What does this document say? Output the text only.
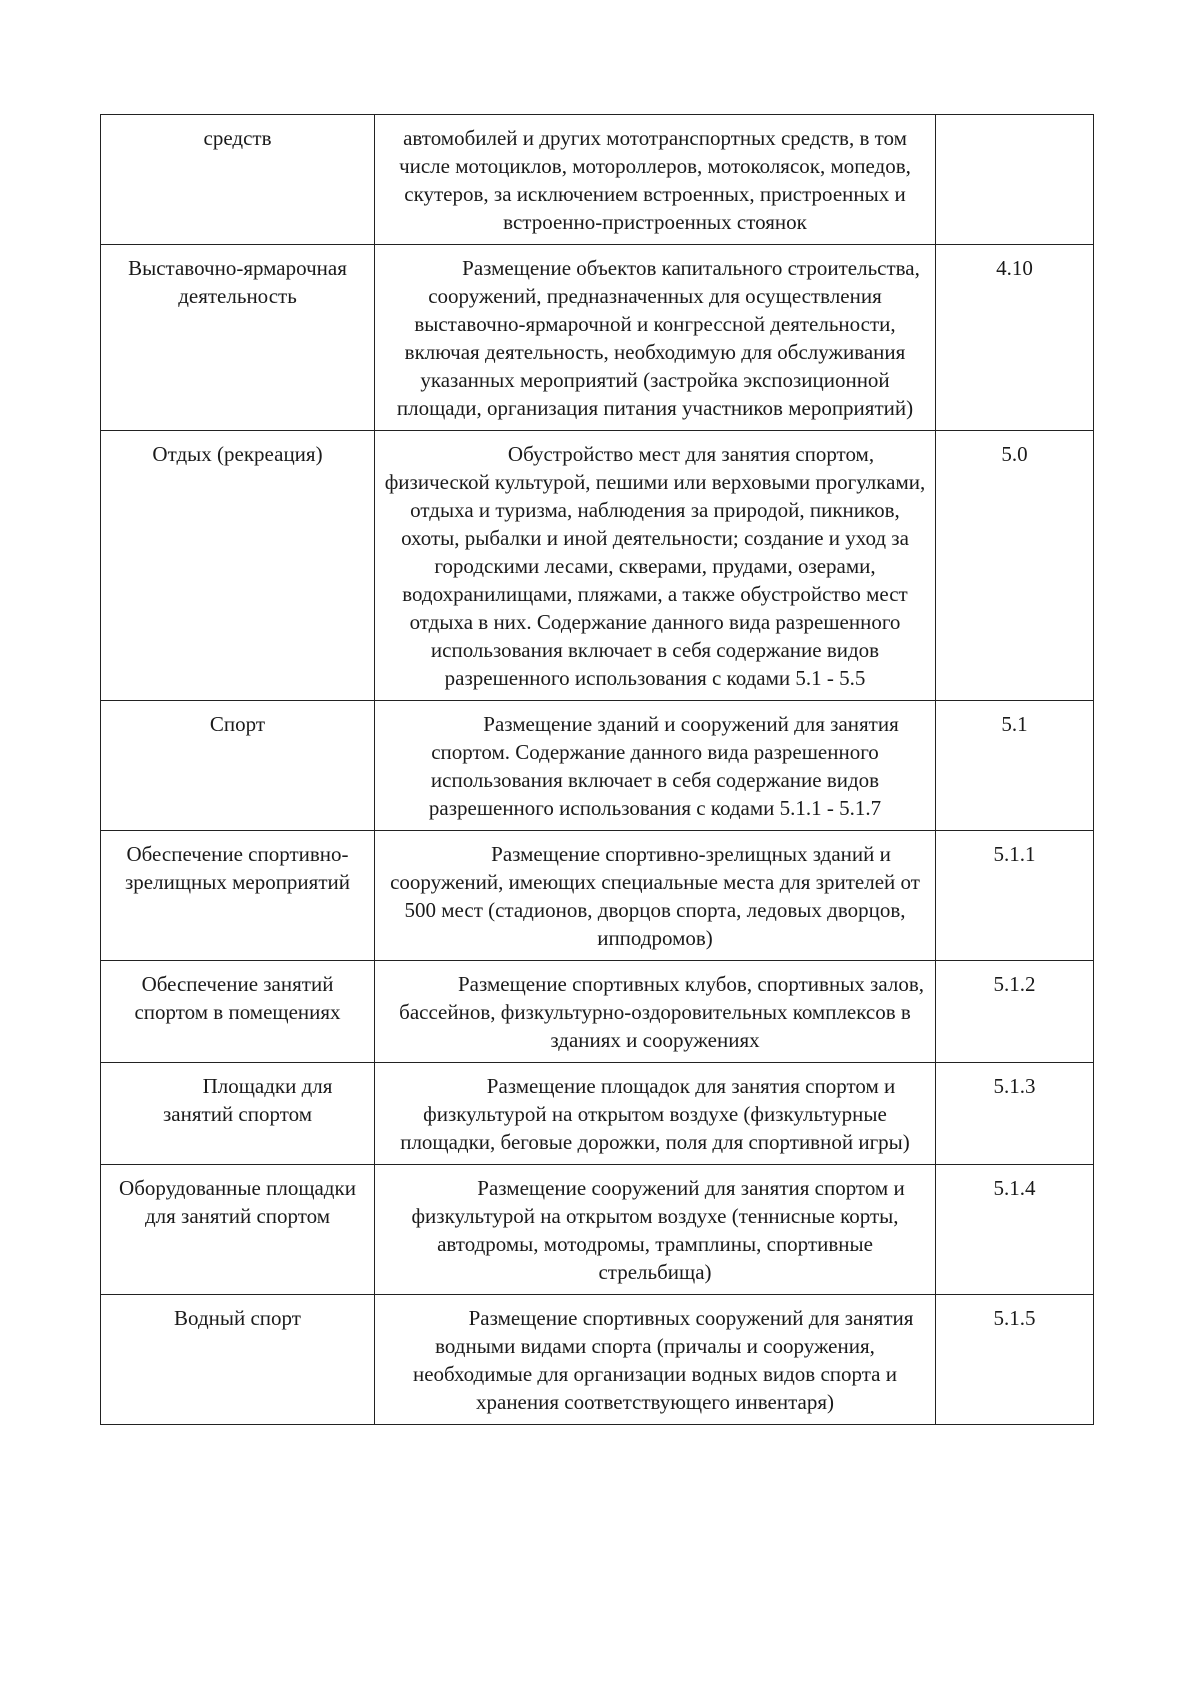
средств	автомобилей и других мототранспортных средств, в том числе мотоциклов, мотороллеров, мотоколясок, мопедов, скутеров, за исключением встроенных, пристроенных и встроенно-пристроенных стоянок	

Выставочно-ярмарочная деятельность	Размещение объектов капитального строительства, сооружений, предназначенных для осуществления выставочно-ярмарочной и конгрессной деятельности, включая деятельность, необходимую для обслуживания указанных мероприятий (застройка экспозиционной площади, организация питания участников мероприятий)	4.10

Отдых (рекреация)	Обустройство мест для занятия спортом, физической культурой, пешими или верховыми прогулками, отдыха и туризма, наблюдения за природой, пикников, охоты, рыбалки и иной деятельности; создание и уход за городскими лесами, скверами, прудами, озерами, водохранилищами, пляжами, а также обустройство мест отдыха в них. Содержание данного вида разрешенного использования включает в себя содержание видов разрешенного использования с кодами 5.1 - 5.5	5.0

Спорт	Размещение зданий и сооружений для занятия спортом. Содержание данного вида разрешенного использования включает в себя содержание видов разрешенного использования с кодами 5.1.1 - 5.1.7	5.1

Обеспечение спортивно-зрелищных мероприятий	Размещение спортивно-зрелищных зданий и сооружений, имеющих специальные места для зрителей от 500 мест (стадионов, дворцов спорта, ледовых дворцов, ипподромов)	5.1.1

Обеспечение занятий спортом в помещениях	Размещение спортивных клубов, спортивных залов, бассейнов, физкультурно-оздоровительных комплексов в зданиях и сооружениях	5.1.2

Площадки для занятий спортом	Размещение площадок для занятия спортом и физкультурой на открытом воздухе (физкультурные площадки, беговые дорожки, поля для спортивной игры)	5.1.3

Оборудованные площадки для занятий спортом	Размещение сооружений для занятия спортом и физкультурой на открытом воздухе (теннисные корты, автодромы, мотодромы, трамплины, спортивные стрельбища)	5.1.4

Водный спорт	Размещение спортивных сооружений для занятия водными видами спорта (причалы и сооружения, необходимые для организации водных видов спорта и хранения соответствующего инвентаря)	5.1.5
